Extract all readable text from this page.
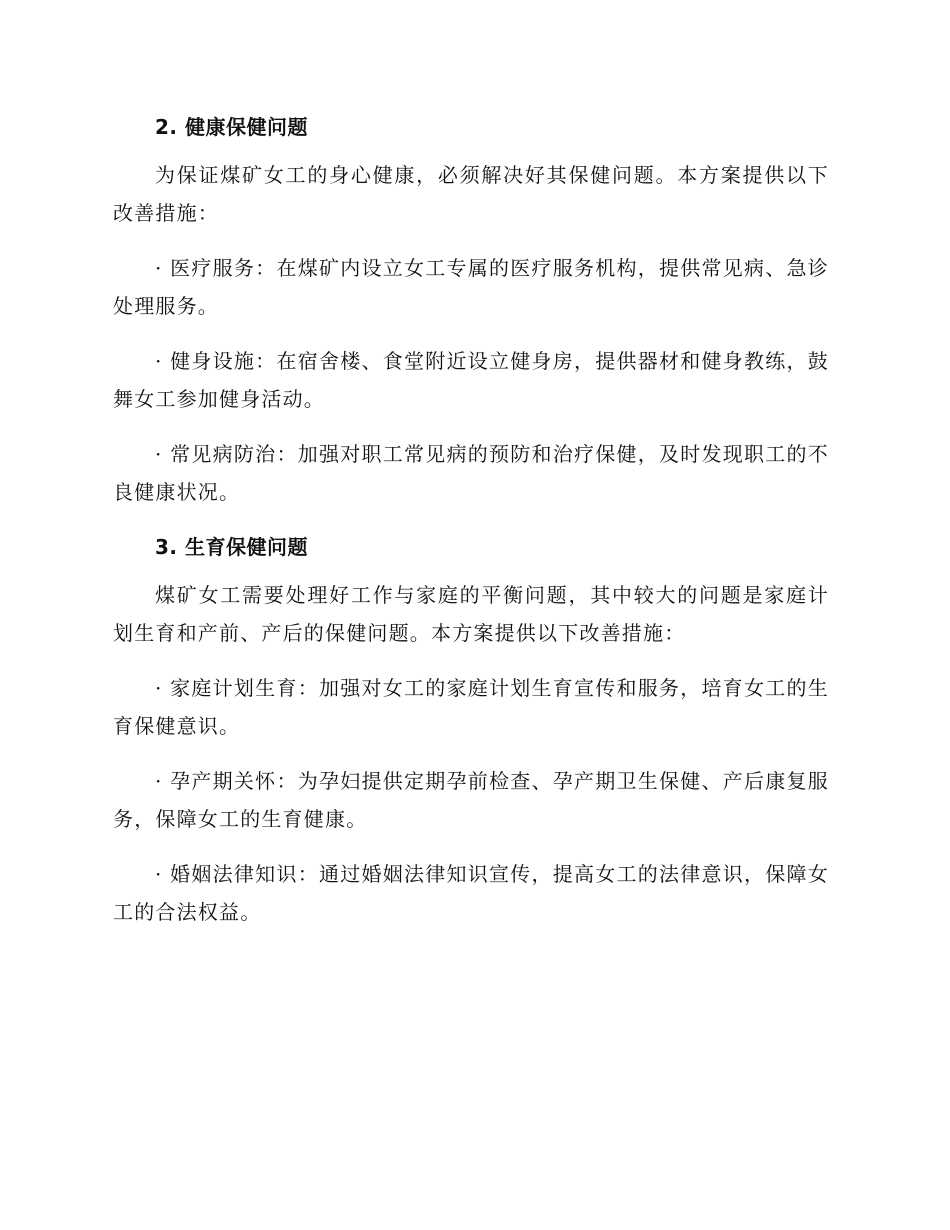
2. 健康保健问题

为保证煤矿女工的身心健康，必须解决好其保健问题。本方案提供以下改善措施：

· 医疗服务：在煤矿内设立女工专属的医疗服务机构，提供常见病、急诊处理服务。

· 健身设施：在宿舍楼、食堂附近设立健身房，提供器材和健身教练，鼓舞女工参加健身活动。

· 常见病防治：加强对职工常见病的预防和治疗保健，及时发现职工的不良健康状况。

3. 生育保健问题

煤矿女工需要处理好工作与家庭的平衡问题，其中较大的问题是家庭计划生育和产前、产后的保健问题。本方案提供以下改善措施：

· 家庭计划生育：加强对女工的家庭计划生育宣传和服务，培育女工的生育保健意识。

· 孕产期关怀：为孕妇提供定期孕前检查、孕产期卫生保健、产后康复服务，保障女工的生育健康。

· 婚姻法律知识：通过婚姻法律知识宣传，提高女工的法律意识，保障女工的合法权益。
